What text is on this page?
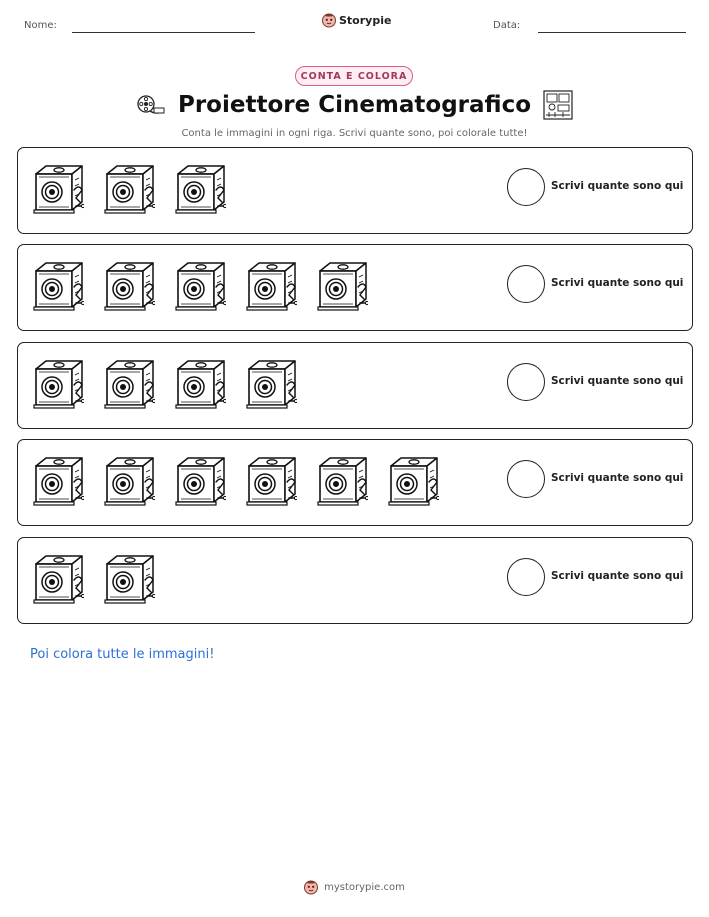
Nome:	Storypie	Data:
CONTA E COLORA
Proiettore Cinematografico
Conta le immagini in ogni riga. Scrivi quante sono, poi colorale tutte!
Scrivi quante sono qui
Scrivi quante sono qui
Scrivi quante sono qui
Scrivi quante sono qui
Scrivi quante sono qui
Poi colora tutte le immagini!
mystorypie.com
